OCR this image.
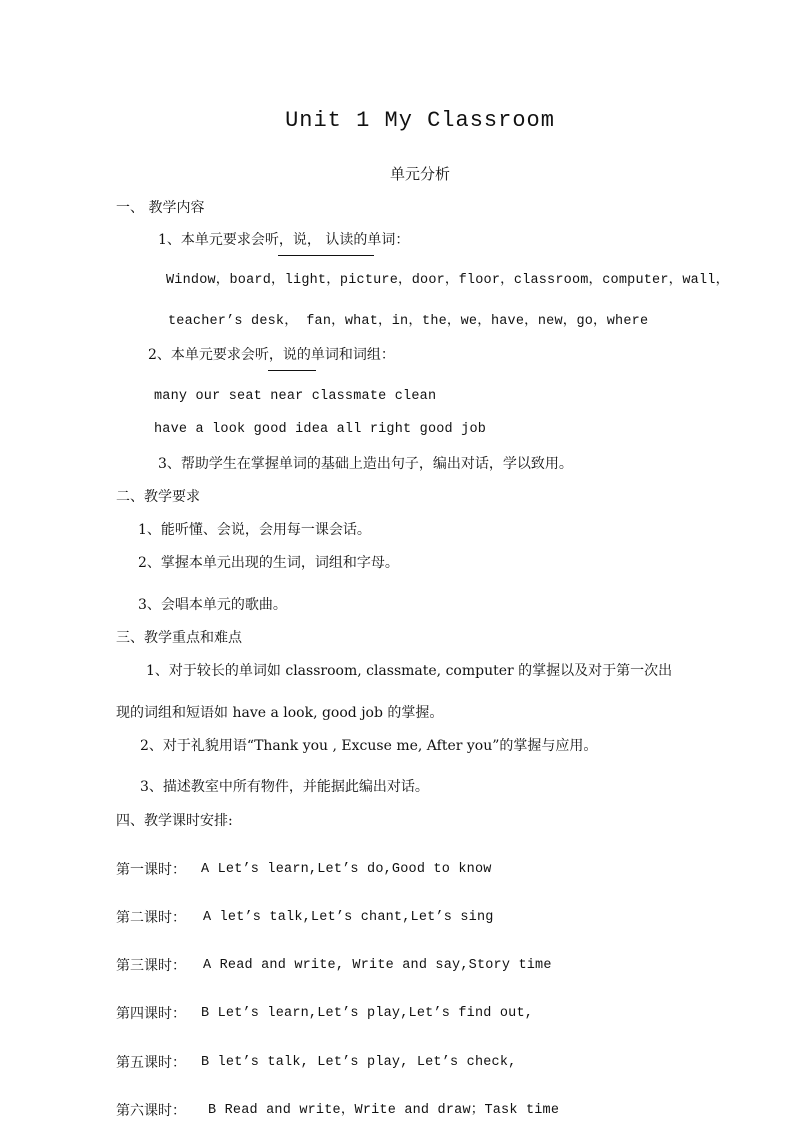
Unit 1 My Classroom
单元分析
一、 教学内容
1、本单元要求会听，说， 认读的单词：
Window，board，light，picture，door，floor，classroom，computer，wall，
teacher’s desk， fan，what，in，the，we，have，new，go，where
2、本单元要求会听，说的单词和词组：
many our seat near classmate clean
have a look good idea all right good job
3、帮助学生在掌握单词的基础上造出句子，编出对话，学以致用。
二、教学要求
1、能听懂、会说，会用每一课会话。
2、掌握本单元出现的生词，词组和字母。
3、会唱本单元的歌曲。
三、教学重点和难点
1、对于较长的单词如 classroom, classmate, computer 的掌握以及对于第一次出
现的词组和短语如 have a look, good job 的掌握。
2、对于礼貌用语“Thank you , Excuse me, After you”的掌握与应用。
3、描述教室中所有物件，并能据此编出对话。
四、教学课时安排:
第一课时： A Let’s learn,Let’s do,Good to know
第二课时： A let’s talk,Let’s chant,Let’s sing
第三课时： A Read and write, Write and say,Story time
第四课时： B Let’s learn,Let’s play,Let’s find out,
第五课时： B let’s talk, Let’s play, Let’s check,
第六课时： B Read and write，Write and draw；Task time
